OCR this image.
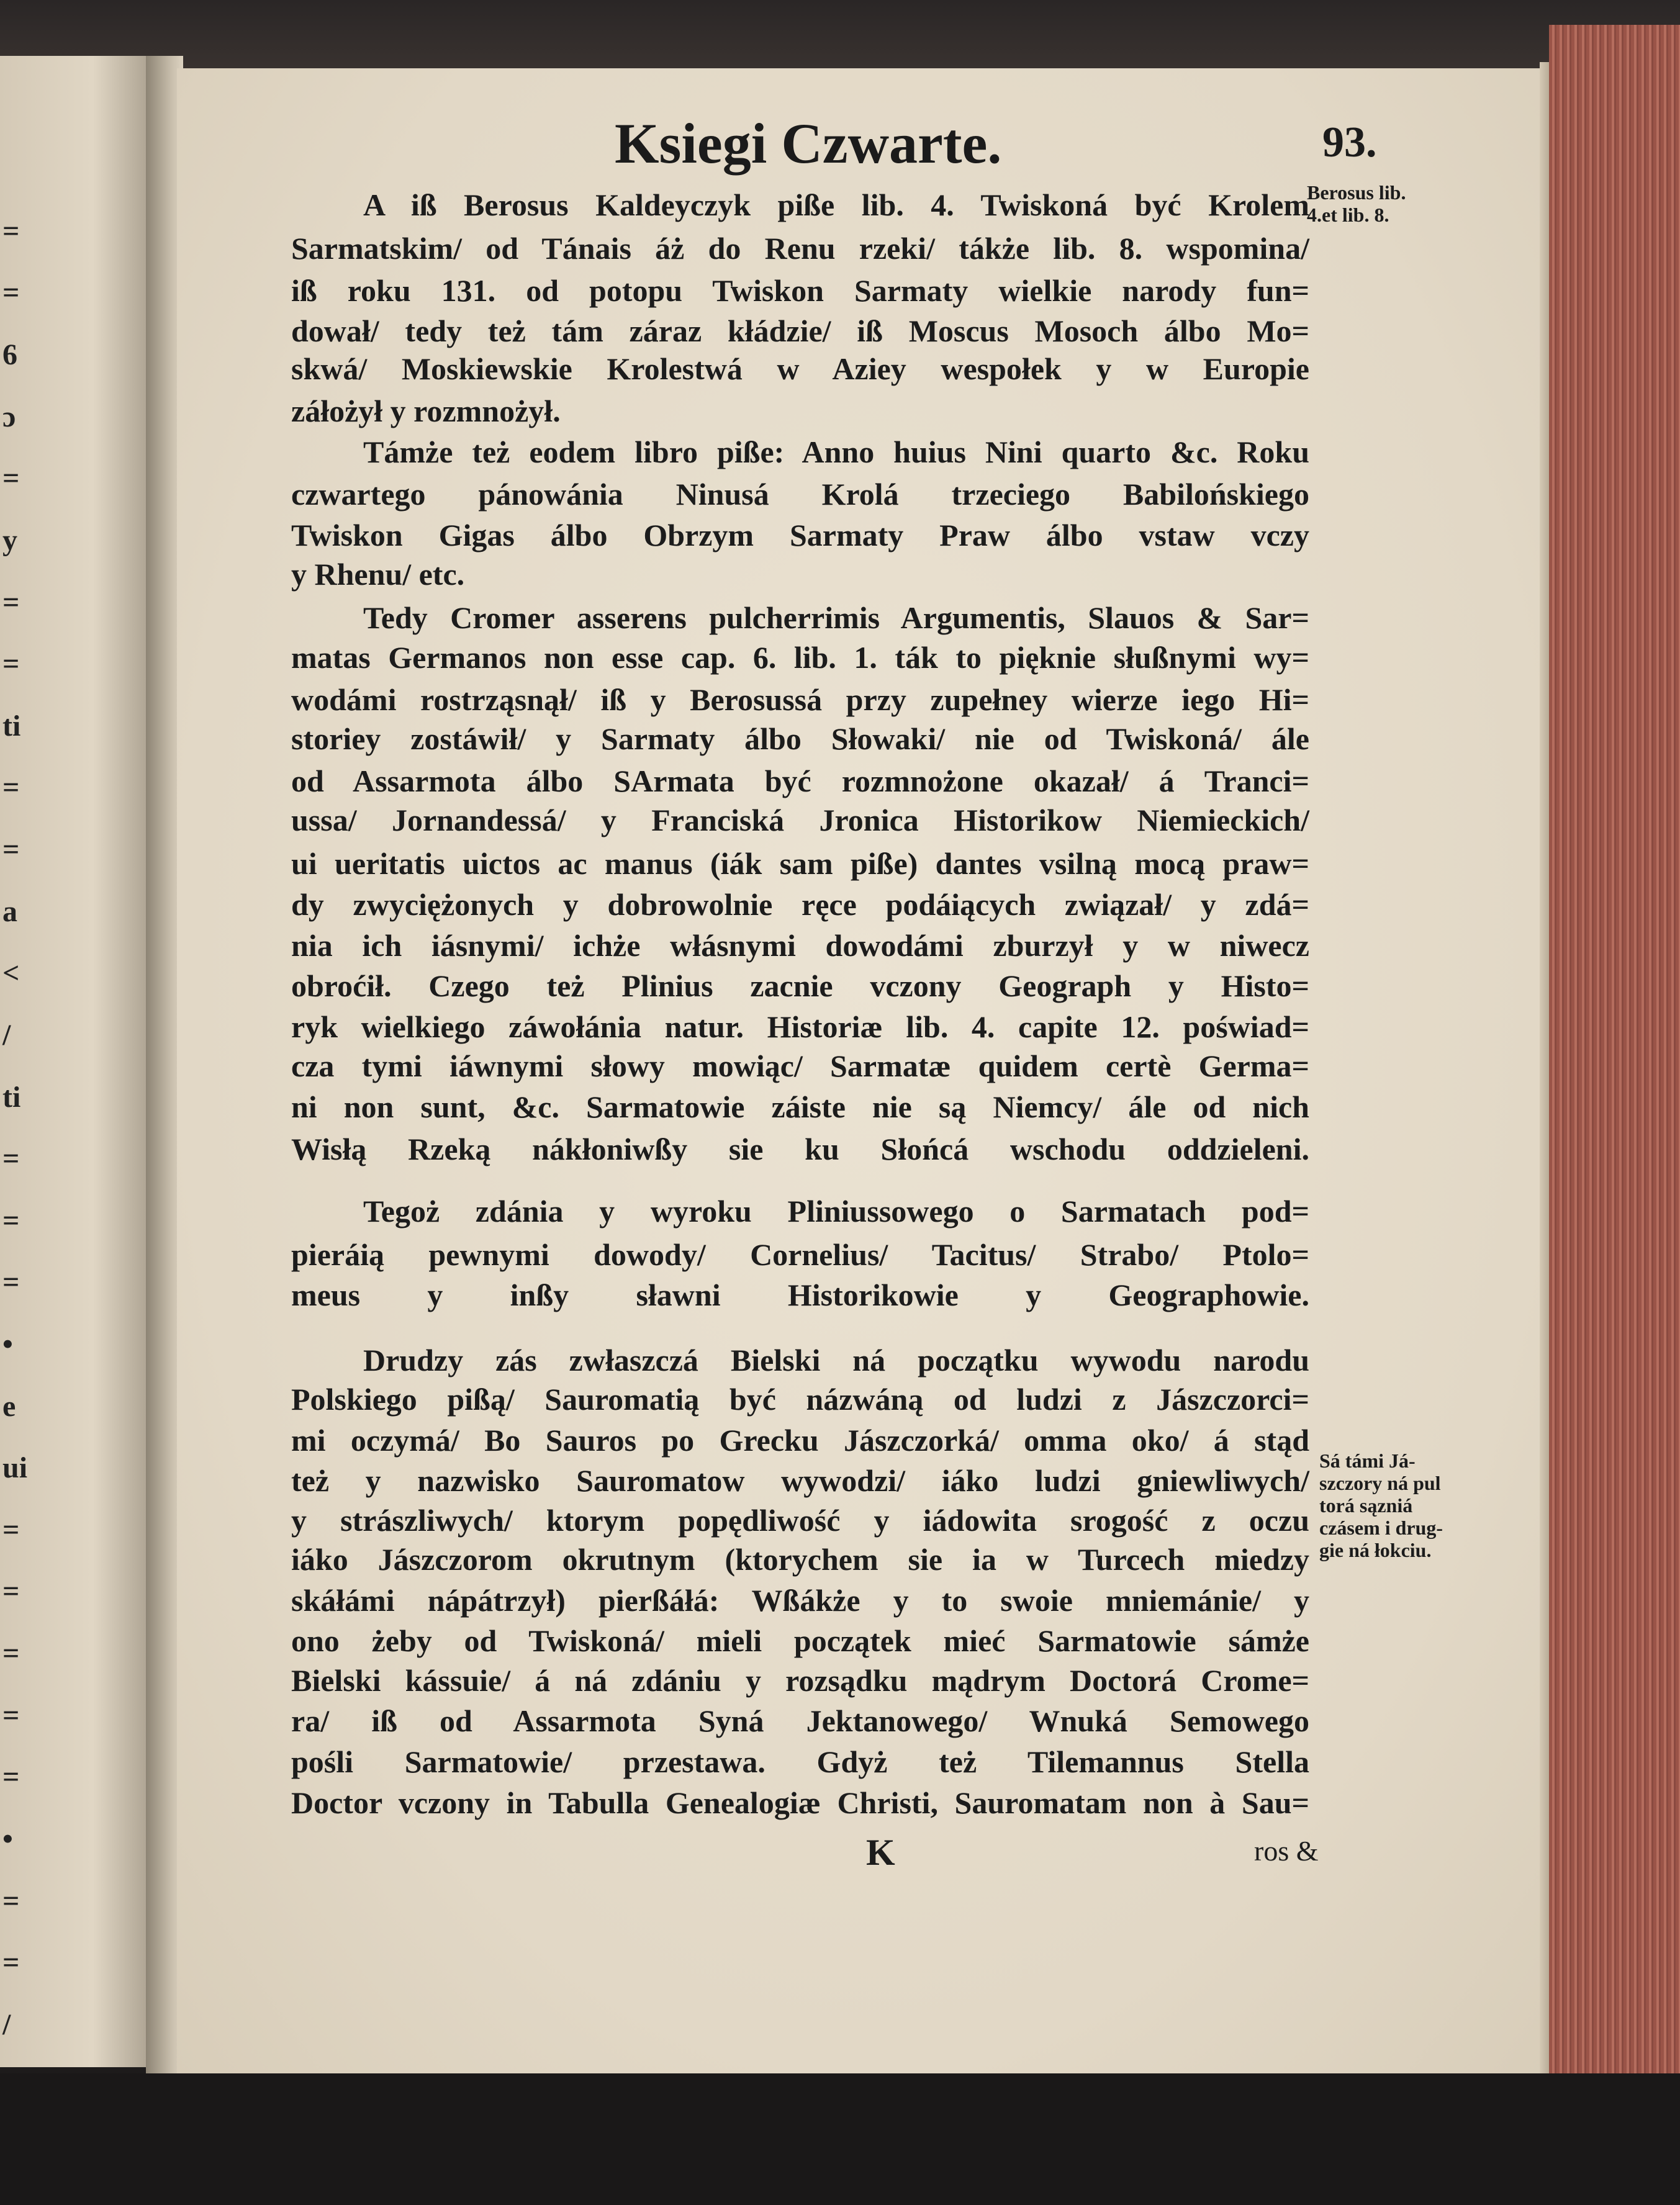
=
=
6
ɔ
=
y
=
=
ti
=
=
a
<
/
ti
=
=
=
•
e
ui
=
=
=
=
=
•
=
=
/
Ksiegi Czwarte.	93.
A iß Berosus Kaldeyczyk piße lib. 4. Twiskoná być Krolem
Sarmatskim/ od Tánais áż do Renu rzeki/ tákże lib. 8. wspomina/
iß roku 131. od potopu Twiskon Sarmaty wielkie narody fun=
dował/ tedy też tám záraz kłádzie/ iß Moscus Mosoch álbo Mo=
skwá/ Moskiewskie Krolestwá w Aziey wespołek y w Europie
záłożył y rozmnożył.
Támże też eodem libro piße: Anno huius Nini quarto &c. Roku
czwartego pánowánia Ninusá Krolá trzeciego Babilońskiego
Twiskon Gigas álbo Obrzym Sarmaty Praw álbo vstaw vczy
y Rhenu/ etc.
Tedy Cromer asserens pulcherrimis Argumentis, Slauos & Sar=
matas Germanos non esse cap. 6. lib. 1. ták to pięknie słußnymi wy=
wodámi rostrząsnął/ iß y Berosussá przy zupełney wierze iego Hi=
storiey zostáwił/ y Sarmaty álbo Słowaki/ nie od Twiskoná/ ále
od Assarmota álbo SArmata być rozmnożone okazał/ á Tranci=
ussa/ Jornandessá/ y Franciská Jronica Historikow Niemieckich/
ui ueritatis uictos ac manus (iák sam piße) dantes vsilną mocą praw=
dy zwyciężonych y dobrowolnie ręce podáiących związał/ y zdá=
nia ich iásnymi/ ichże włásnymi dowodámi zburzył y w niwecz
obroćił. Czego też Plinius zacnie vczony Geograph y Histo=
ryk wielkiego záwołánia natur. Historiæ lib. 4. capite 12. poświad=
cza tymi iáwnymi słowy mowiąc/ Sarmatæ quidem certè Germa=
ni non sunt, &c. Sarmatowie záiste nie są Niemcy/ ále od nich
Wisłą Rzeką nákłoniwßy sie ku Słońcá wschodu oddzieleni.
Tegoż zdánia y wyroku Pliniussowego o Sarmatach pod=
pieráią pewnymi dowody/ Cornelius/ Tacitus/ Strabo/ Ptolo=
meus y inßy sławni Historikowie y Geographowie.
Drudzy zás zwłaszczá Bielski ná początku wywodu narodu
Polskiego pißą/ Sauromatią być názwáną od ludzi z Jászczorci=
mi oczymá/ Bo Sauros po Grecku Jászczorká/ omma oko/ á stąd
też y nazwisko Sauromatow wywodzi/ iáko ludzi gniewliwych/
y strászliwych/ ktorym popędliwość y iádowita srogość z oczu
iáko Jászczorom okrutnym (ktorychem sie ia w Turcech miedzy
skáłámi nápátrzył) pierßáłá: Wßákże y to swoie mniemánie/ y
ono żeby od Twiskoná/ mieli początek mieć Sarmatowie sámże
Bielski kássuie/ á ná zdániu y rozsądku mądrym Doctorá Crome=
ra/ iß od Assarmota Syná Jektanowego/ Wnuká Semowego
pośli Sarmatowie/ przestawa. Gdyż też Tilemannus Stella
Doctor vczony in Tabulla Genealogiæ Christi, Sauromatam non à Sau=
Berosus lib.
4.et lib. 8.
Sá támi Já-
szczory ná pul
torá sązniá
czásem i drug-
gie ná łokciu.
K	ros &
